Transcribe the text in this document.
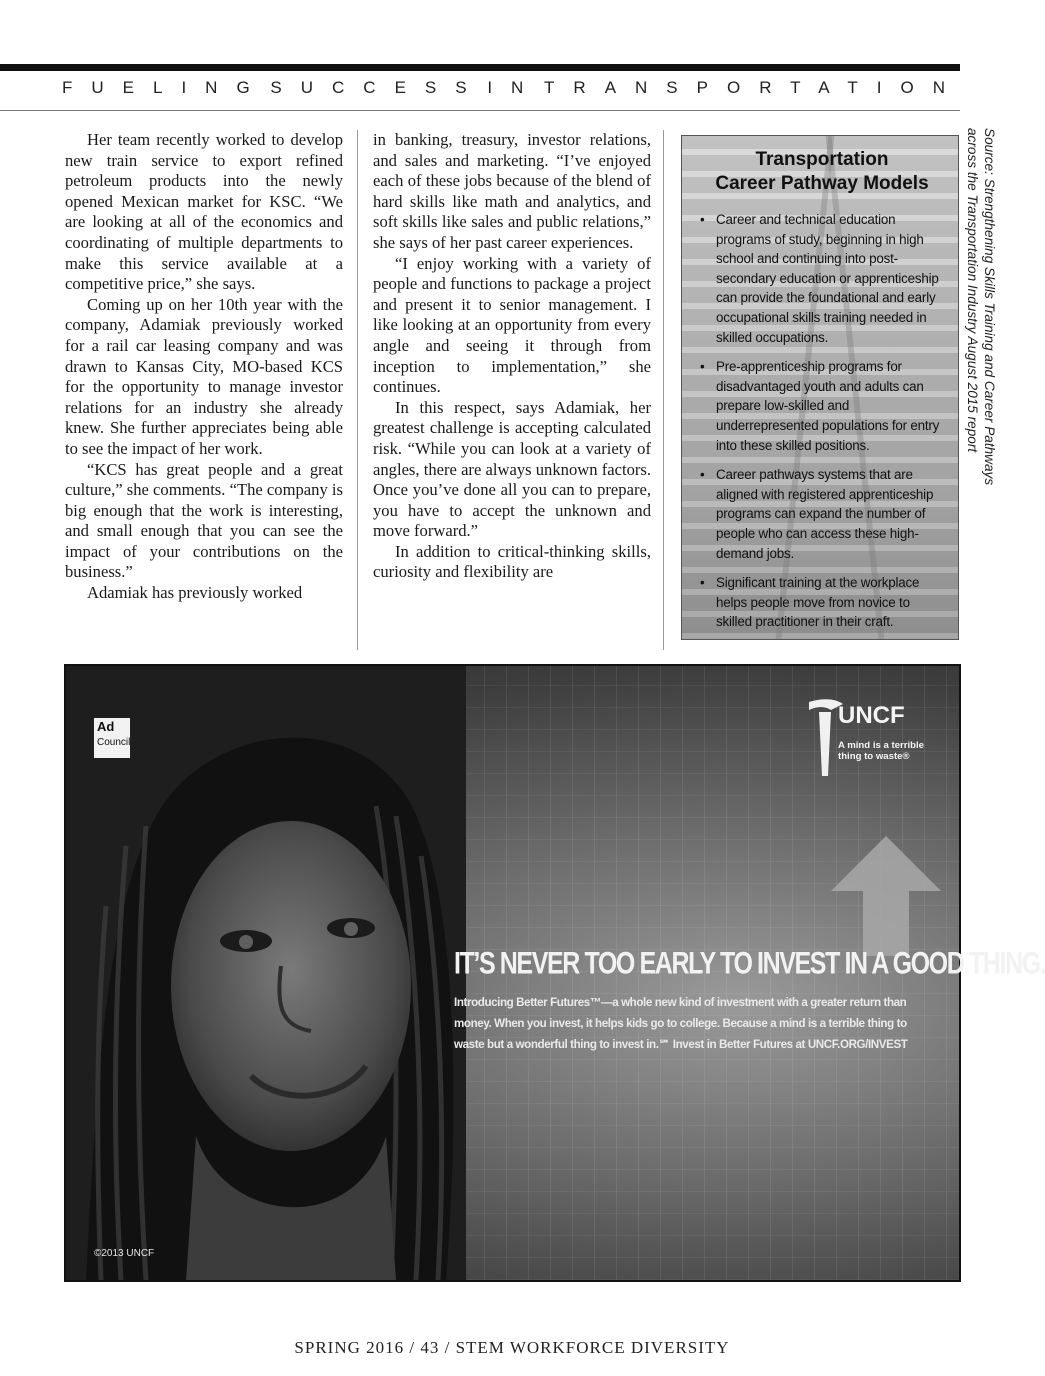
FUELING SUCCESS IN TRANSPORTATION

Her team recently worked to develop new train service to export refined petroleum products into the newly opened Mexican market for KSC. “We are looking at all of the economics and coordinating of multiple departments to make this service available at a competitive price,” she says.

Coming up on her 10th year with the company, Adamiak previously worked for a rail car leasing company and was drawn to Kansas City, MO-based KCS for the opportunity to manage investor relations for an industry she already knew. She further appreciates being able to see the impact of her work.

“KCS has great people and a great culture,” she comments. “The company is big enough that the work is interesting, and small enough that you can see the impact of your contributions on the business.”

Adamiak has previously worked

in banking, treasury, investor relations, and sales and marketing. “I’ve enjoyed each of these jobs because of the blend of hard skills like math and analytics, and soft skills like sales and public relations,” she says of her past career experiences.

“I enjoy working with a variety of people and functions to package a project and present it to senior management. I like looking at an opportunity from every angle and seeing it through from inception to implementation,” she continues.

In this respect, says Adamiak, her greatest challenge is accepting calculated risk. “While you can look at a variety of angles, there are always unknown factors. Once you’ve done all you can to prepare, you have to accept the unknown and move forward.”

In addition to critical-thinking skills, curiosity and flexibility are

Transportation
Career Pathway Models
• Career and technical education programs of study, beginning in high school and continuing into post-secondary education or apprenticeship can provide the foundational and early occupational skills training needed in skilled occupations.
• Pre-apprenticeship programs for disadvantaged youth and adults can prepare low-skilled and underrepresented populations for entry into these skilled positions.
• Career pathways systems that are aligned with registered apprenticeship programs can expand the number of people who can access these high-demand jobs.
• Significant training at the workplace helps people move from novice to skilled practitioner in their craft.
Source: Strengthening Skills Training and Career Pathways across the Transportation Industry August 2015 report
Ad
Council
UNCF
A mind is a terrible thing to waste®
IT’S NEVER TOO EARLY TO INVEST IN A GOOD THING.
Introducing Better Futures™—a whole new kind of investment with a greater return than money. When you invest, it helps kids go to college. Because a mind is a terrible thing to waste but a wonderful thing to invest in.℠ Invest in Better Futures at UNCF.ORG/INVEST
©2013 UNCF
SPRING 2016 / 43 / STEM WORKFORCE DIVERSITY
